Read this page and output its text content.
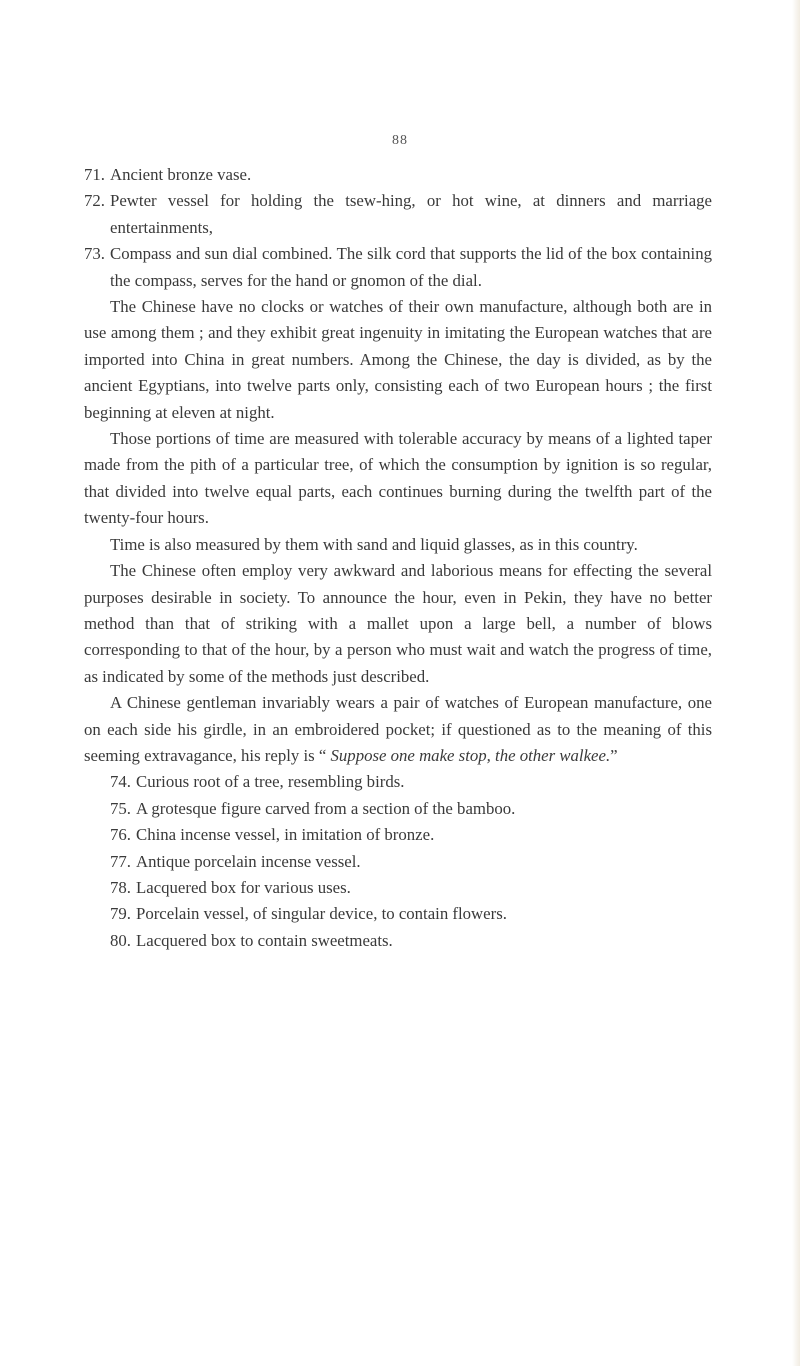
88
71. Ancient bronze vase.
72. Pewter vessel for holding the tsew-hing, or hot wine, at dinners and marriage entertainments,
73. Compass and sun dial combined. The silk cord that supports the lid of the box containing the compass, serves for the hand or gnomon of the dial.

The Chinese have no clocks or watches of their own manufacture, although both are in use among them ; and they exhibit great ingenuity in imitating the European watches that are imported into China in great numbers. Among the Chinese, the day is divided, as by the ancient Egyptians, into twelve parts only, consisting each of two European hours ; the first beginning at eleven at night.

Those portions of time are measured with tolerable accuracy by means of a lighted taper made from the pith of a particular tree, of which the consumption by ignition is so regular, that divided into twelve equal parts, each continues burning during the twelfth part of the twenty-four hours.

Time is also measured by them with sand and liquid glasses, as in this country.

The Chinese often employ very awkward and laborious means for effecting the several purposes desirable in society. To announce the hour, even in Pekin, they have no better method than that of striking with a mallet upon a large bell, a number of blows corresponding to that of the hour, by a person who must wait and watch the progress of time, as indicated by some of the methods just described.

A Chinese gentleman invariably wears a pair of watches of European manufacture, one on each side his girdle, in an embroidered pocket; if questioned as to the meaning of this seeming extravagance, his reply is “ Suppose one make stop, the other walkee.”

74. Curious root of a tree, resembling birds.
75. A grotesque figure carved from a section of the bamboo.
76. China incense vessel, in imitation of bronze.
77. Antique porcelain incense vessel.
78. Lacquered box for various uses.
79. Porcelain vessel, of singular device, to contain flowers.
80. Lacquered box to contain sweetmeats.
